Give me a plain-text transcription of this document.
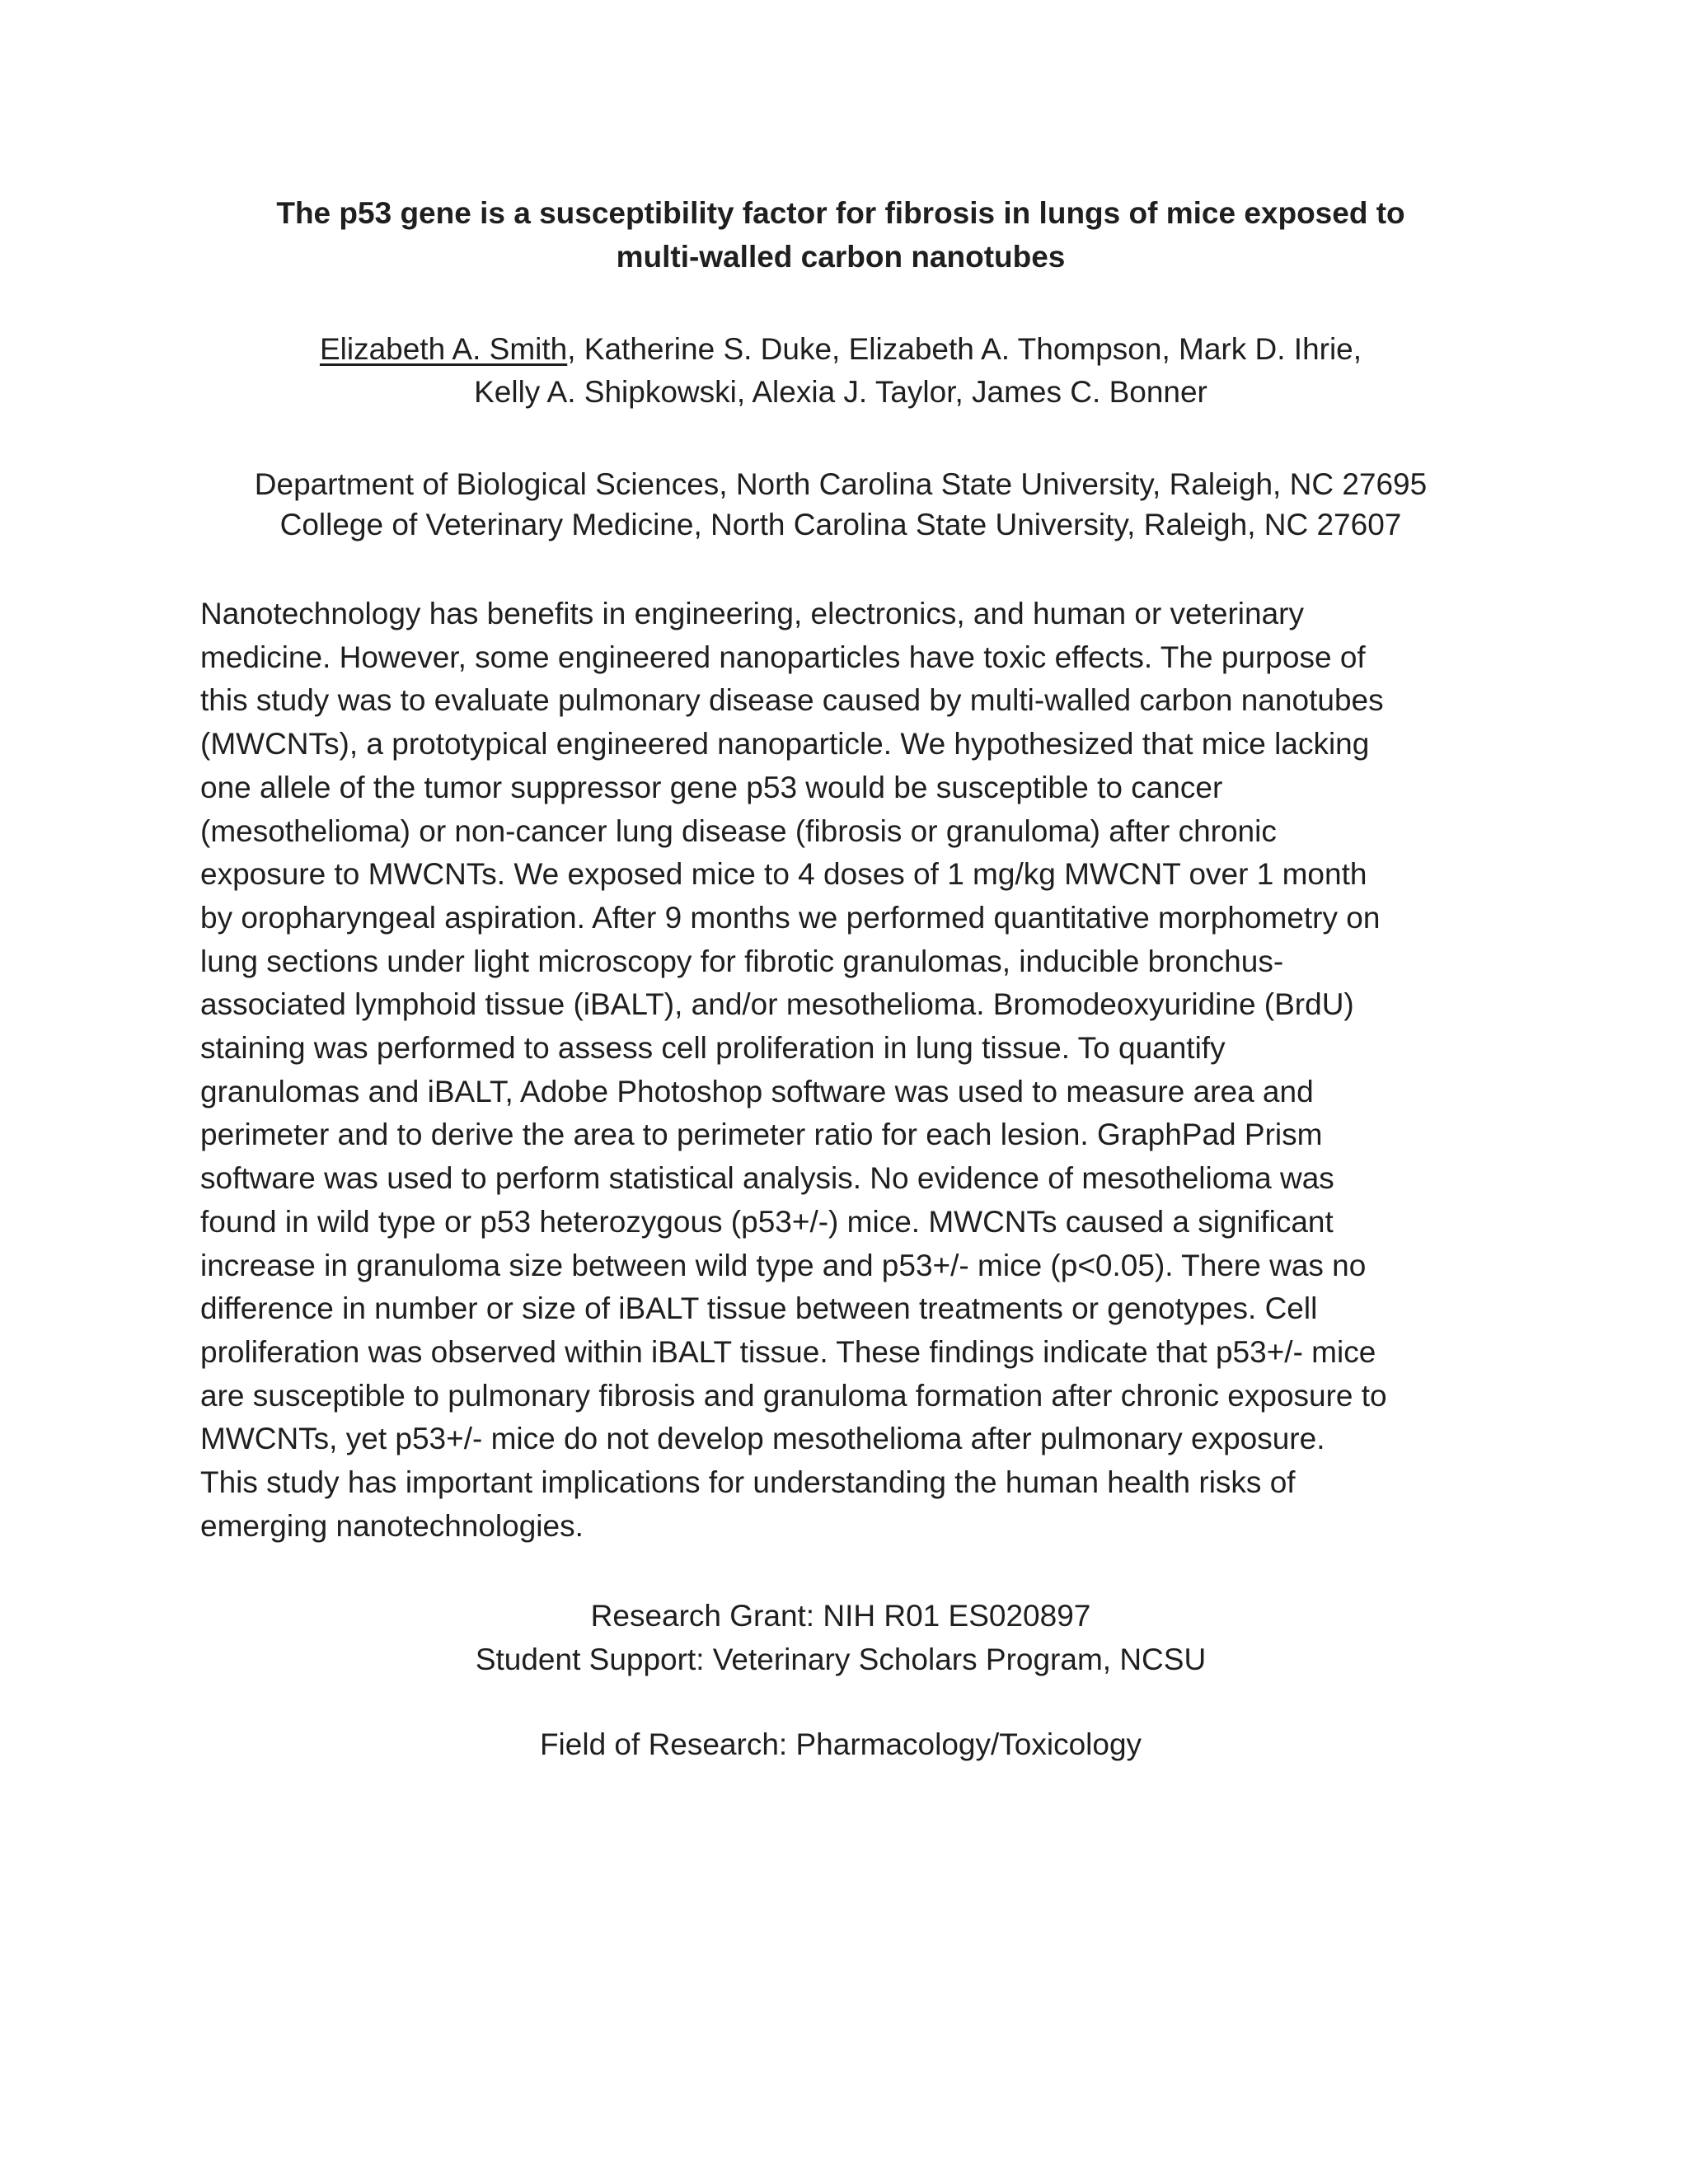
The p53 gene is a susceptibility factor for fibrosis in lungs of mice exposed to
multi-walled carbon nanotubes
Elizabeth A. Smith, Katherine S. Duke, Elizabeth A. Thompson, Mark D. Ihrie,
Kelly A. Shipkowski, Alexia J. Taylor, James C. Bonner
Department of Biological Sciences, North Carolina State University, Raleigh, NC 27695
College of Veterinary Medicine, North Carolina State University, Raleigh, NC 27607
Nanotechnology has benefits in engineering, electronics, and human or veterinary
medicine. However, some engineered nanoparticles have toxic effects. The purpose of
this study was to evaluate pulmonary disease caused by multi-walled carbon nanotubes
(MWCNTs), a prototypical engineered nanoparticle. We hypothesized that mice lacking
one allele of the tumor suppressor gene p53 would be susceptible to cancer
(mesothelioma) or non-cancer lung disease (fibrosis or granuloma) after chronic
exposure to MWCNTs. We exposed mice to 4 doses of 1 mg/kg MWCNT over 1 month
by oropharyngeal aspiration. After 9 months we performed quantitative morphometry on
lung sections under light microscopy for fibrotic granulomas, inducible bronchus-
associated lymphoid tissue (iBALT), and/or mesothelioma. Bromodeoxyuridine (BrdU)
staining was performed to assess cell proliferation in lung tissue. To quantify
granulomas and iBALT, Adobe Photoshop software was used to measure area and
perimeter and to derive the area to perimeter ratio for each lesion. GraphPad Prism
software was used to perform statistical analysis. No evidence of mesothelioma was
found in wild type or p53 heterozygous (p53+/-) mice. MWCNTs caused a significant
increase in granuloma size between wild type and p53+/- mice (p<0.05). There was no
difference in number or size of iBALT tissue between treatments or genotypes. Cell
proliferation was observed within iBALT tissue. These findings indicate that p53+/- mice
are susceptible to pulmonary fibrosis and granuloma formation after chronic exposure to
MWCNTs, yet p53+/- mice do not develop mesothelioma after pulmonary exposure.
This study has important implications for understanding the human health risks of
emerging nanotechnologies.
Research Grant: NIH R01 ES020897
Student Support: Veterinary Scholars Program, NCSU
Field of Research: Pharmacology/Toxicology
